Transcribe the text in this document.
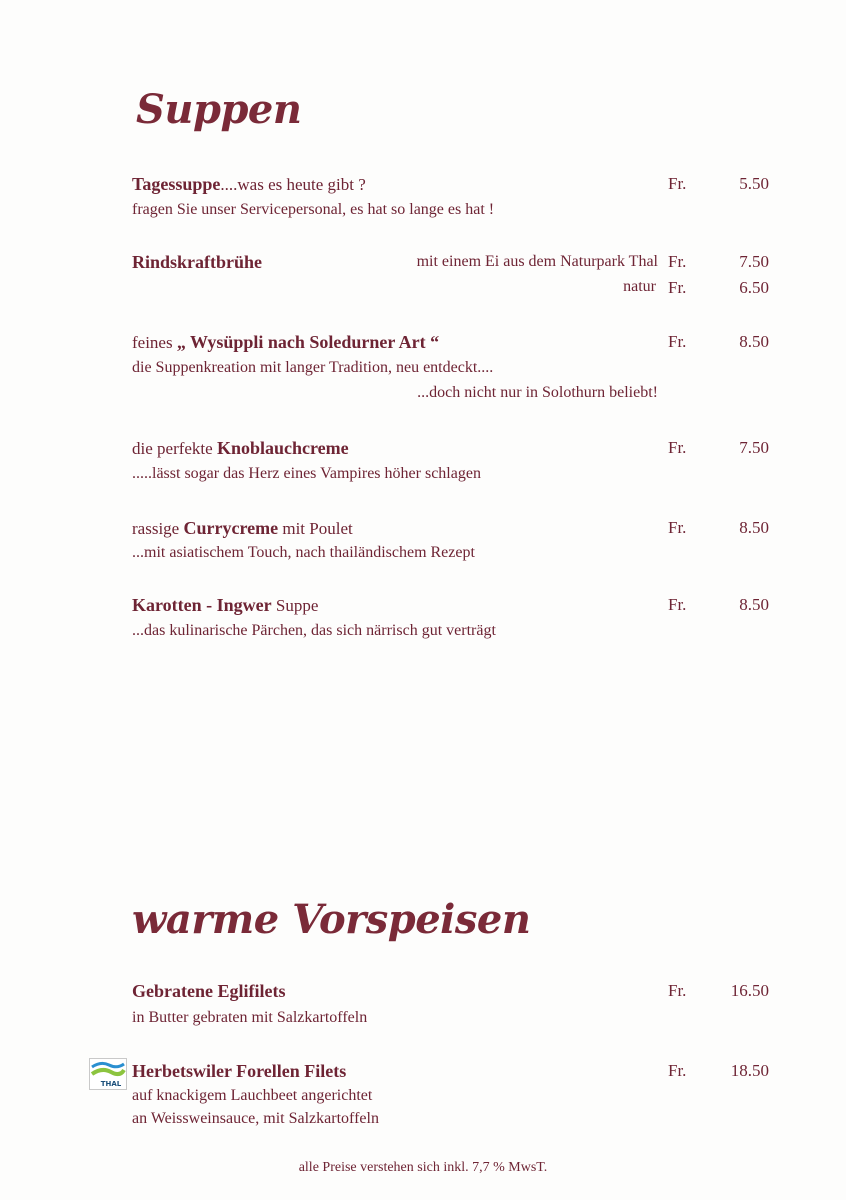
Suppen
Tagessuppe....was es heute gibt ?	Fr.	5.50
fragen Sie unser Servicepersonal, es hat so lange es hat !
Rindskraftbrühe	mit einem Ei aus dem Naturpark Thal Fr.	7.50
natur Fr.	6.50
feines „ Wysüppli nach Soledurner Art “	Fr.	8.50
die Suppenkreation mit langer Tradition, neu entdeckt....
...doch nicht nur in Solothurn beliebt!
die perfekte Knoblauchcreme	Fr.	7.50
.....lässt sogar das Herz eines Vampires höher schlagen
rassige Currycreme mit Poulet	Fr.	8.50
...mit asiatischem Touch, nach thailändischem Rezept
Karotten - Ingwer Suppe	Fr.	8.50
...das kulinarische Pärchen, das sich närrisch gut verträgt
warme Vorspeisen
Gebratene Eglifilets	Fr.	16.50
in Butter gebraten mit Salzkartoffeln
THAL
Herbetswiler Forellen Filets	Fr.	18.50
auf knackigem Lauchbeet angerichtet
an Weissweinsauce, mit Salzkartoffeln
alle Preise verstehen sich inkl. 7,7 % MwsT.
